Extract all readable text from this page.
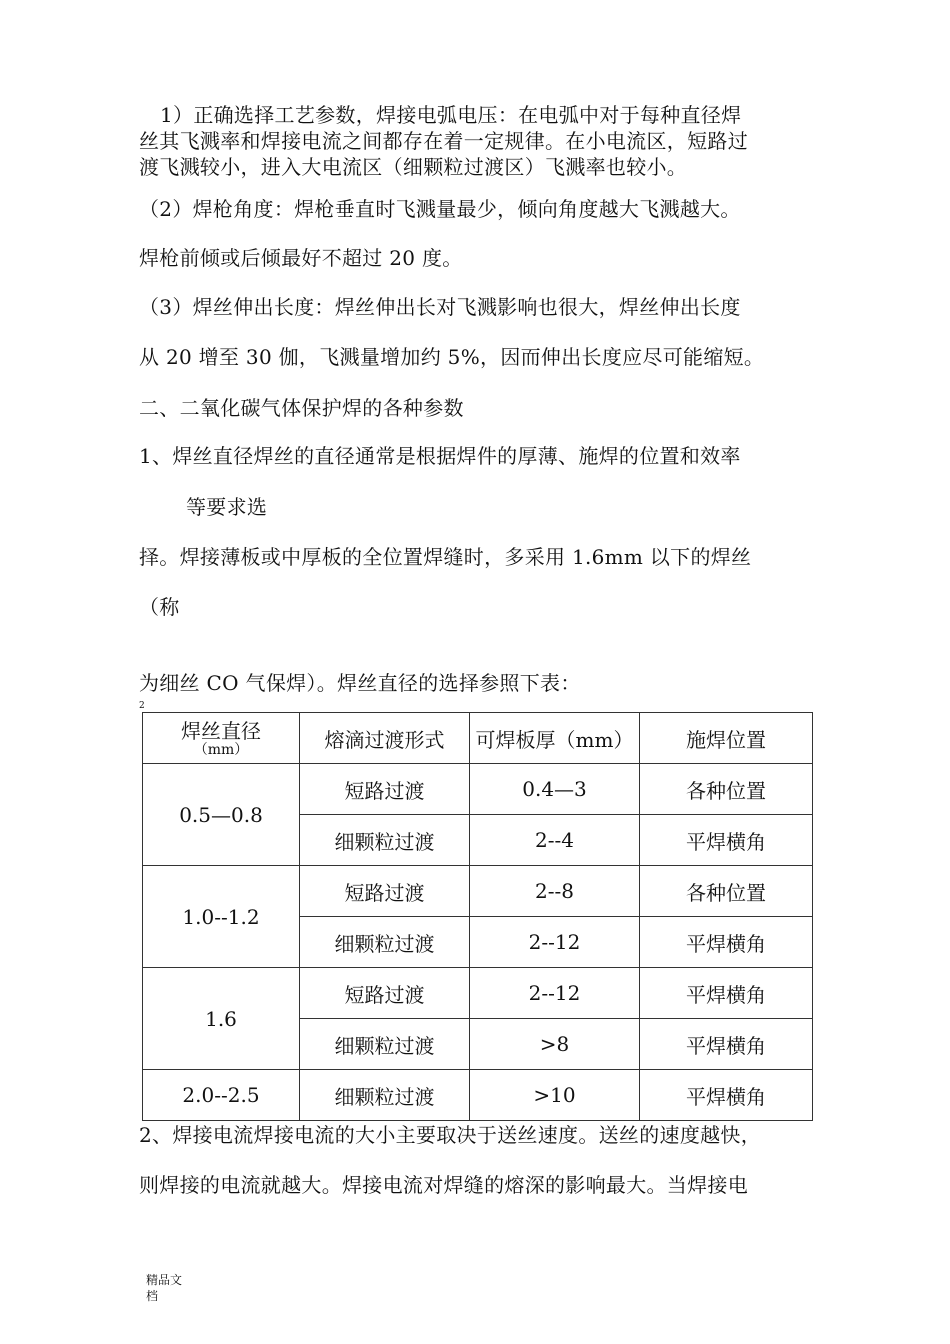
1）正确选择工艺参数，焊接电弧电压：在电弧中对于每种直径焊
丝其飞溅率和焊接电流之间都存在着一定规律。在小电流区，短路过
渡飞溅较小，进入大电流区（细颗粒过渡区）飞溅率也较小。
（2）焊枪角度：焊枪垂直时飞溅量最少，倾向角度越大飞溅越大。
焊枪前倾或后倾最好不超过 20 度。
（3）焊丝伸出长度：焊丝伸出长对飞溅影响也很大，焊丝伸出长度
从 20 增至 30 伽，飞溅量增加约 5%，因而伸出长度应尽可能缩短。
二、二氧化碳气体保护焊的各种参数
1、焊丝直径焊丝的直径通常是根据焊件的厚薄、施焊的位置和效率
等要求选
择。焊接薄板或中厚板的全位置焊缝时，多采用 1.6mm 以下的焊丝
（称
为细丝 CO 气保焊）。焊丝直径的选择参照下表：
2
焊丝直径
（mm）	熔滴过渡形式	可焊板厚（mm）	施焊位置
0.5—0.8	短路过渡	0.4—3	各种位置
	细颗粒过渡	2--4	平焊横角
1.0--1.2	短路过渡	2--8	各种位置
	细颗粒过渡	2--12	平焊横角
1.6	短路过渡	2--12	平焊横角
	细颗粒过渡	>8	平焊横角
2.0--2.5	细颗粒过渡	>10	平焊横角
2、焊接电流焊接电流的大小主要取决于送丝速度。送丝的速度越快，
则焊接的电流就越大。焊接电流对焊缝的熔深的影响最大。当焊接电
精品文
档
